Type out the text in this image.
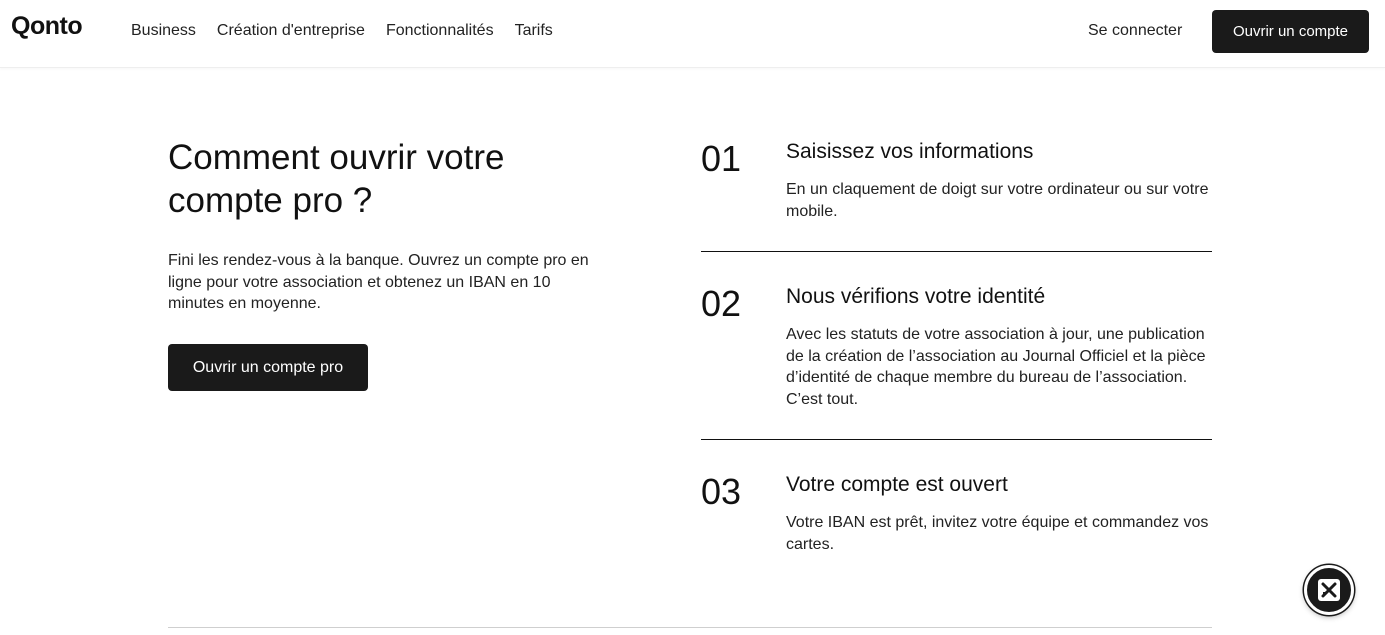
Qonto	Business Création d'entreprise Fonctionnalités Tarifs	Se connecter	Ouvrir un compte
Comment ouvrir votre compte pro ?

Fini les rendez-vous à la banque. Ouvrez un compte pro en ligne pour votre association et obtenez un IBAN en 10 minutes en moyenne.

Ouvrir un compte pro
01 Saisissez vos informations
En un claquement de doigt sur votre ordinateur ou sur votre mobile.
02 Nous vérifions votre identité
Avec les statuts de votre association à jour, une publication de la création de l’association au Journal Officiel et la pièce d’identité de chaque membre du bureau de l’association. C’est tout.
03 Votre compte est ouvert
Votre IBAN est prêt, invitez votre équipe et commandez vos cartes.
